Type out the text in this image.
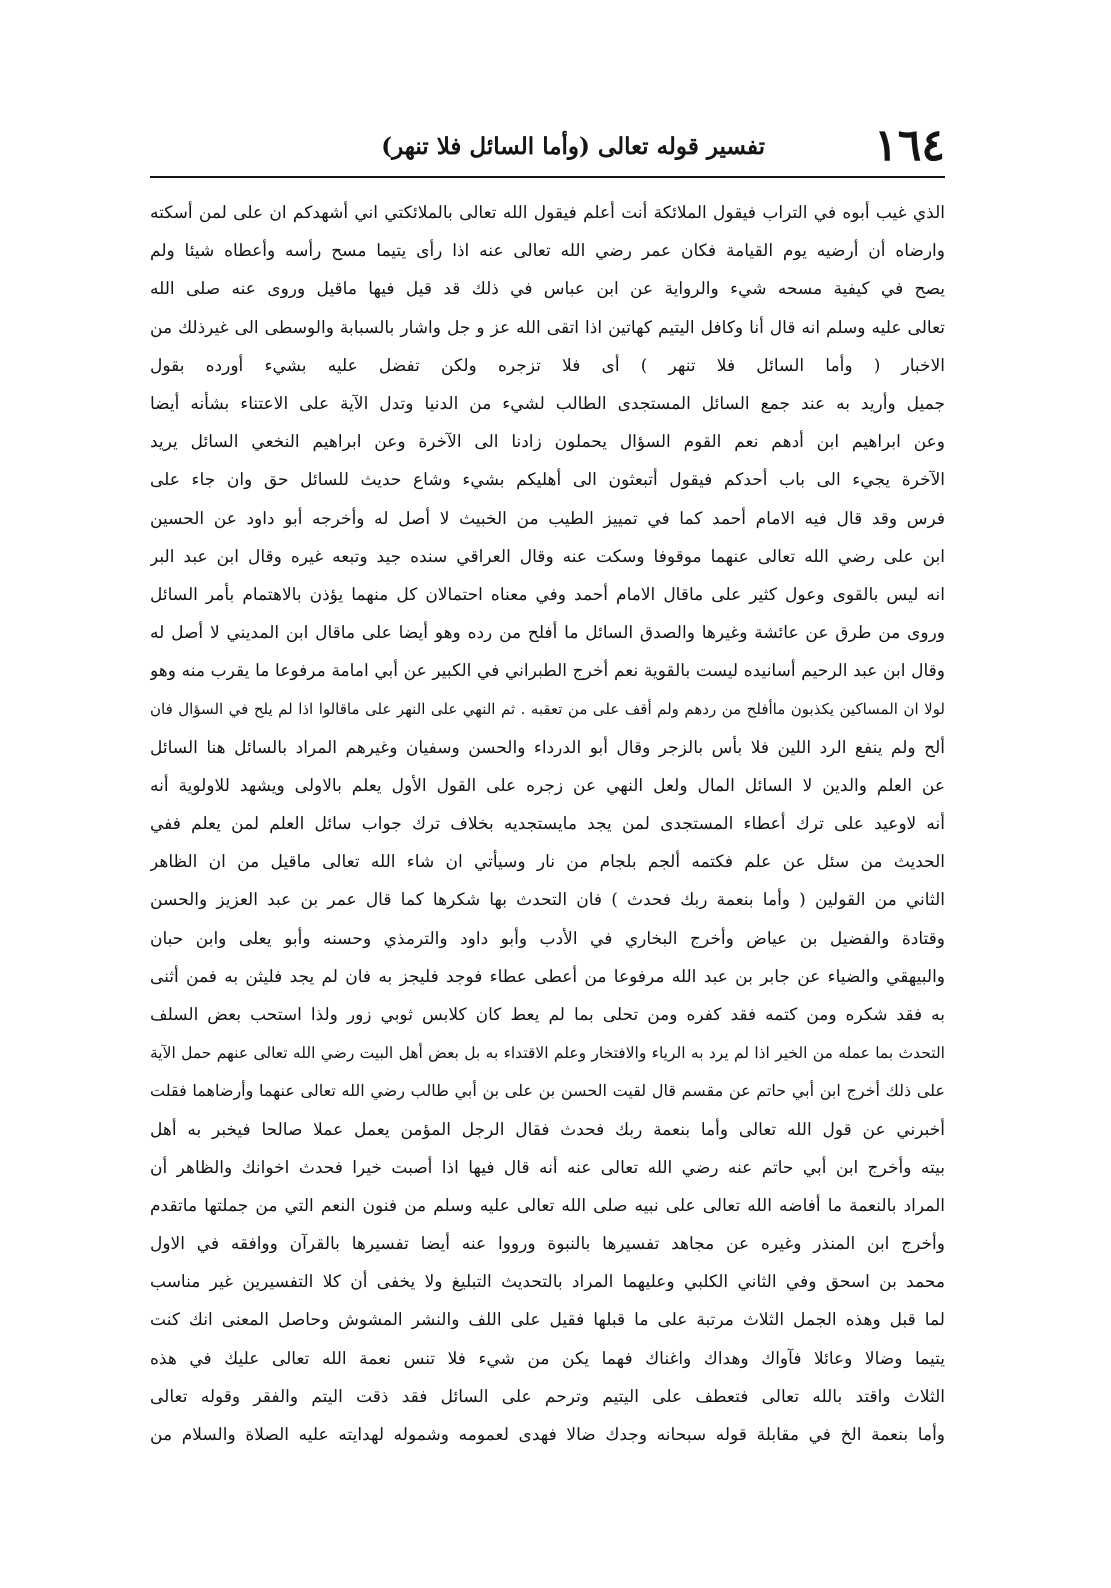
١٦٤
تفسير قوله تعالى (وأما السائل فلا تنهر)
الذي غيب أبوه في التراب فيقول الملائكة أنت أعلم فيقول الله تعالى بالملائكتي اني أشهدكم ان على لمن أسكته
وارضاه أن أرضيه يوم القيامة فكان عمر رضي الله تعالى عنه اذا رأى يتيما مسح رأسه وأعطاه شيئا ولم
يصح في كيفية مسحه شيء والرواية عن ابن عباس في ذلك قد قيل فيها ماقيل وروى عنه صلى الله
تعالى عليه وسلم انه قال أنا وكافل اليتيم كهاتين اذا اتقى الله عز و جل واشار بالسبابة والوسطى الى غيرذلك من
الاخبار ( وأما السائل فلا تنهر ) أى فلا تزجره ولكن تفضل عليه بشيء أورده بقول
جميل وأريد به عند جمع السائل المستجدى الطالب لشيء من الدنيا وتدل الآية على الاعتناء بشأنه أيضا
وعن ابراهيم ابن أدهم نعم القوم السؤال يحملون زادنا الى الآخرة وعن ابراهيم النخعي السائل يريد
الآخرة يجيء الى باب أحدكم فيقول أتبعثون الى أهليكم بشيء وشاع حديث للسائل حق وان جاء على
فرس وقد قال فيه الامام أحمد كما في تمييز الطيب من الخبيث لا أصل له وأخرجه أبو داود عن الحسين
ابن على رضي الله تعالى عنهما موقوفا وسكت عنه وقال العراقي سنده جيد وتبعه غيره وقال ابن عبد البر
انه ليس بالقوى وعول كثير على ماقال الامام أحمد وفي معناه احتمالان كل منهما يؤذن بالاهتمام بأمر السائل
وروى من طرق عن عائشة وغيرها والصدق السائل ما أفلح من رده وهو أيضا على ماقال ابن المديني لا أصل له
وقال ابن عبد الرحيم أسانيده ليست بالقوية نعم أخرج الطبراني في الكبير عن أبي امامة مرفوعا ما يقرب منه وهو
لولا ان المساكين يكذبون ماأفلح من ردهم ولم أقف على من تعقبه . ثم النهي على النهر على ماقالوا اذا لم يلح في السؤال فان
ألح ولم ينفع الرد اللين فلا بأس بالزجر وقال أبو الدرداء والحسن وسفيان وغيرهم المراد بالسائل هنا السائل
عن العلم والدين لا السائل المال ولعل النهي عن زجره على القول الأول يعلم بالاولى ويشهد للاولوية أنه
أنه لاوعيد على ترك أعطاء المستجدى لمن يجد مايستجديه بخلاف ترك جواب سائل العلم لمن يعلم ففي
الحديث من سئل عن علم فكتمه ألجم بلجام من نار وسيأتي ان شاء الله تعالى ماقيل من ان الظاهر
الثاني من القولين ( وأما بنعمة ربك فحدث ) فان التحدث بها شكرها كما قال عمر بن عبد العزيز والحسن
وقتادة والفضيل بن عياض وأخرج البخاري في الأدب وأبو داود والترمذي وحسنه وأبو يعلى وابن حبان
والبيهقي والضياء عن جابر بن عبد الله مرفوعا من أعطى عطاء فوجد فليجز به فان لم يجد فليثن به فمن أثنى
به فقد شكره ومن كتمه فقد كفره ومن تحلى بما لم يعط كان كلابس ثوبي زور ولذا استحب بعض السلف
التحدث بما عمله من الخير اذا لم يرد به الرياء والافتخار وعلم الاقتداء به بل بعض أهل البيت رضي الله تعالى عنهم حمل الآية
على ذلك أخرج ابن أبي حاتم عن مقسم قال لقيت الحسن بن على بن أبي طالب رضي الله تعالى عنهما وأرضاهما فقلت
أخبرني عن قول الله تعالى وأما بنعمة ربك فحدث فقال الرجل المؤمن يعمل عملا صالحا فيخبر به أهل
بيته وأخرج ابن أبي حاتم عنه رضي الله تعالى عنه أنه قال فيها اذا أصبت خيرا فحدث اخوانك والظاهر أن
المراد بالنعمة ما أفاضه الله تعالى على نبيه صلى الله تعالى عليه وسلم من فنون النعم التي من جملتها ماتقدم
وأخرج ابن المنذر وغيره عن مجاهد تفسيرها بالنبوة ورووا عنه أيضا تفسيرها بالقرآن ووافقه في الاول
محمد بن اسحق وفي الثاني الكلبي وعليهما المراد بالتحديث التبليغ ولا يخفى أن كلا التفسيرين غير مناسب
لما قبل وهذه الجمل الثلاث مرتبة على ما قبلها فقيل على اللف والنشر المشوش وحاصل المعنى انك كنت
يتيما وضالا وعائلا فآواك وهداك واغناك فهما يكن من شيء فلا تنس نعمة الله تعالى عليك في هذه
الثلاث واقتد بالله تعالى فتعطف على اليتيم وترحم على السائل فقد ذقت اليتم والفقر وقوله تعالى
وأما بنعمة الخ في مقابلة قوله سبحانه وجدك ضالا فهدى لعمومه وشموله لهدايته عليه الصلاة والسلام من
